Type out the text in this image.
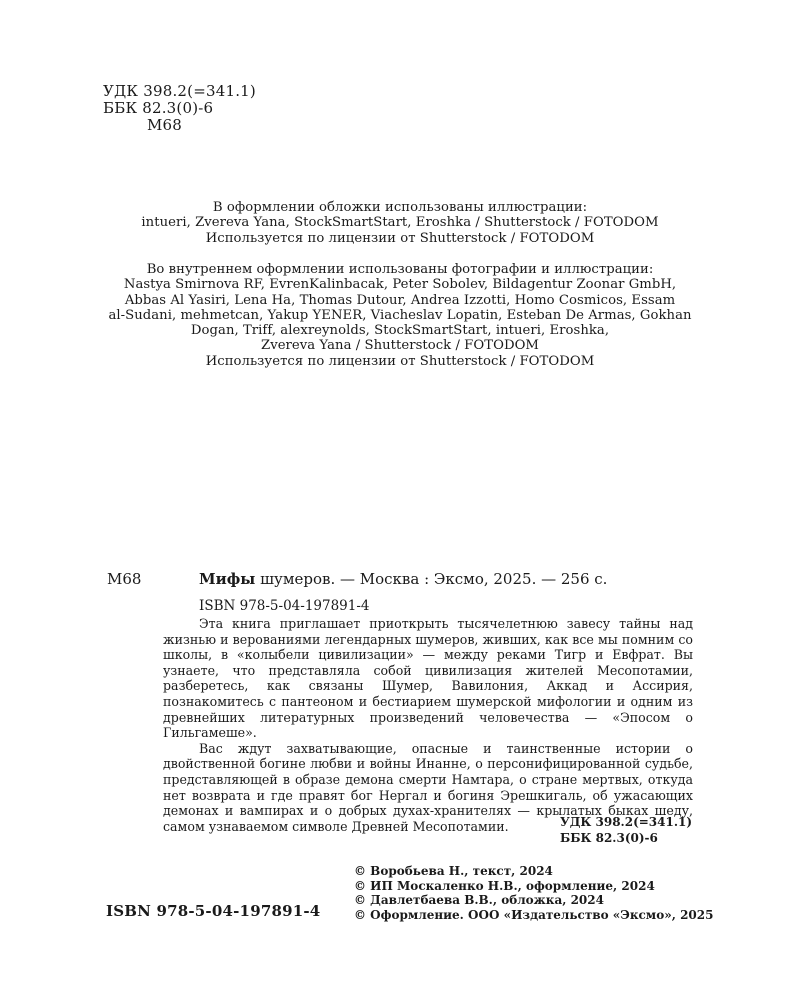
УДК 398.2(=341.1)
ББК 82.3(0)-6
М68
В оформлении обложки использованы иллюстрации:
intueri, Zvereva Yana, StockSmartStart, Eroshka / Shutterstock / FOTODOM
Используется по лицензии от Shutterstock / FOTODOM
Во внутреннем оформлении использованы фотографии и иллюстрации:
Nastya Smirnova RF, EvrenKalinbacak, Peter Sobolev, Bildagentur Zoonar GmbH,
Abbas Al Yasiri, Lena Ha, Thomas Dutour, Andrea Izzotti, Homo Cosmicos, Essam
al-Sudani, mehmetcan, Yakup YENER, Viacheslav Lopatin, Esteban De Armas, Gokhan
Dogan, Triff, alexreynolds, StockSmartStart, intueri, Eroshka,
Zvereva Yana / Shutterstock / FOTODOM
Используется по лицензии от Shutterstock / FOTODOM
М68	Мифы шумеров. — Москва : Эксмо, 2025. — 256 с.
ISBN 978-5-04-197891-4

Эта книга приглашает приоткрыть тысячелетнюю завесу тайны над жизнью и верованиями легендарных шумеров, живших, как все мы помним со школы, в «колыбели цивилизации» — между реками Тигр и Евфрат. Вы узнаете, что представляла собой цивилизация жителей Месопотамии, разберетесь, как связаны Шумер, Вавилония, Аккад и Ассирия, познакомитесь с пантеоном и бестиарием шумерской мифологии и одним из древнейших литературных произведений человечества — «Эпосом о Гильгамеше».

Вас ждут захватывающие, опасные и таинственные истории о двойственной богине любви и войны Инанне, о персонифицированной судьбе, представляющей в образе демона смерти Намтара, о стране мертвых, откуда нет возврата и где правят бог Нергал и богиня Эрешкигаль, об ужасающих демонах и вампирах и о добрых духах-хранителях — крылатых быках шеду, самом узнаваемом символе Древней Месопотамии.	УДК 398.2(=341.1)
ББК 82.3(0)-6
© Воробьева Н., текст, 2024
© ИП Москаленко Н.В., оформление, 2024
© Давлетбаева В.В., обложка, 2024
© Оформление. ООО «Издательство «Эксмо», 2025
ISBN 978-5-04-197891-4
